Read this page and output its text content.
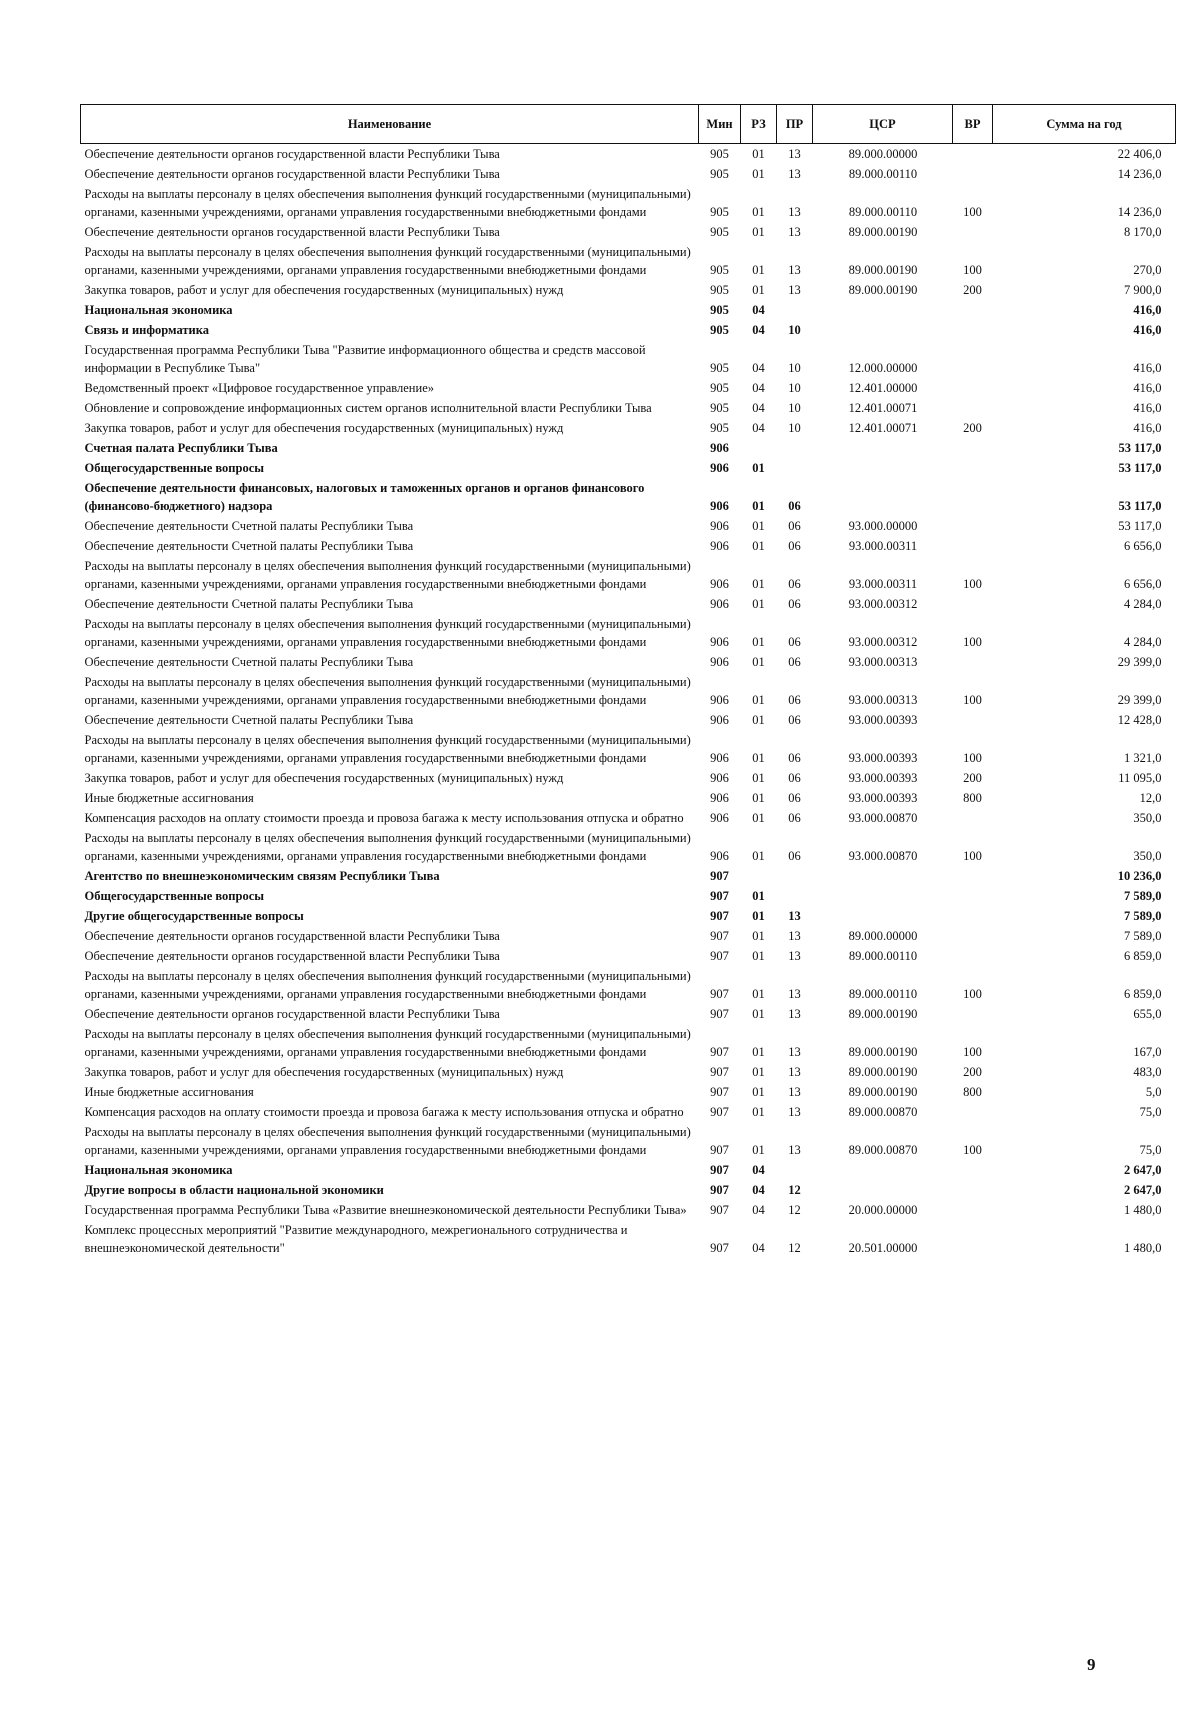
Наименование	Мин	РЗ	ПР	ЦСР	ВР	Сумма на год
Обеспечение деятельности органов государственной власти Республики Тыва	905	01	13	89.000.00000		22 406,0
Обеспечение деятельности органов государственной власти Республики Тыва	905	01	13	89.000.00110		14 236,0
Расходы на выплаты персоналу в целях обеспечения выполнения функций государственными (муниципальными) органами, казенными учреждениями, органами управления государственными внебюджетными фондами	905	01	13	89.000.00110	100	14 236,0
Обеспечение деятельности органов государственной власти Республики Тыва	905	01	13	89.000.00190		8 170,0
Расходы на выплаты персоналу в целях обеспечения выполнения функций государственными (муниципальными) органами, казенными учреждениями, органами управления государственными внебюджетными фондами	905	01	13	89.000.00190	100	270,0
Закупка товаров, работ и услуг для обеспечения государственных (муниципальных) нужд	905	01	13	89.000.00190	200	7 900,0
Национальная экономика	905	04				416,0
Связь и информатика	905	04	10			416,0
Государственная программа Республики Тыва "Развитие информационного общества и средств массовой информации в Республике Тыва"	905	04	10	12.000.00000		416,0
Ведомственный проект «Цифровое государственное управление»	905	04	10	12.401.00000		416,0
Обновление и сопровождение информационных систем органов исполнительной власти Республики Тыва	905	04	10	12.401.00071		416,0
Закупка товаров, работ и услуг для обеспечения государственных (муниципальных) нужд	905	04	10	12.401.00071	200	416,0
Счетная палата Республики Тыва	906					53 117,0
Общегосударственные вопросы	906	01				53 117,0
Обеспечение деятельности финансовых, налоговых и таможенных органов и органов финансового (финансово-бюджетного) надзора	906	01	06			53 117,0
Обеспечение деятельности Счетной палаты Республики Тыва	906	01	06	93.000.00000		53 117,0
Обеспечение деятельности Счетной палаты Республики Тыва	906	01	06	93.000.00311		6 656,0
Расходы на выплаты персоналу в целях обеспечения выполнения функций государственными (муниципальными) органами, казенными учреждениями, органами управления государственными внебюджетными фондами	906	01	06	93.000.00311	100	6 656,0
Обеспечение деятельности Счетной палаты Республики Тыва	906	01	06	93.000.00312		4 284,0
Расходы на выплаты персоналу в целях обеспечения выполнения функций государственными (муниципальными) органами, казенными учреждениями, органами управления государственными внебюджетными фондами	906	01	06	93.000.00312	100	4 284,0
Обеспечение деятельности Счетной палаты Республики Тыва	906	01	06	93.000.00313		29 399,0
Расходы на выплаты персоналу в целях обеспечения выполнения функций государственными (муниципальными) органами, казенными учреждениями, органами управления государственными внебюджетными фондами	906	01	06	93.000.00313	100	29 399,0
Обеспечение деятельности Счетной палаты Республики Тыва	906	01	06	93.000.00393		12 428,0
Расходы на выплаты персоналу в целях обеспечения выполнения функций государственными (муниципальными) органами, казенными учреждениями, органами управления государственными внебюджетными фондами	906	01	06	93.000.00393	100	1 321,0
Закупка товаров, работ и услуг для обеспечения государственных (муниципальных) нужд	906	01	06	93.000.00393	200	11 095,0
Иные бюджетные ассигнования	906	01	06	93.000.00393	800	12,0
Компенсация расходов на оплату стоимости проезда и провоза багажа к месту использования отпуска и обратно	906	01	06	93.000.00870		350,0
Расходы на выплаты персоналу в целях обеспечения выполнения функций государственными (муниципальными) органами, казенными учреждениями, органами управления государственными внебюджетными фондами	906	01	06	93.000.00870	100	350,0
Агентство по внешнеэкономическим связям Республики Тыва	907					10 236,0
Общегосударственные вопросы	907	01				7 589,0
Другие общегосударственные вопросы	907	01	13			7 589,0
Обеспечение деятельности органов государственной власти Республики Тыва	907	01	13	89.000.00000		7 589,0
Обеспечение деятельности органов государственной власти Республики Тыва	907	01	13	89.000.00110		6 859,0
Расходы на выплаты персоналу в целях обеспечения выполнения функций государственными (муниципальными) органами, казенными учреждениями, органами управления государственными внебюджетными фондами	907	01	13	89.000.00110	100	6 859,0
Обеспечение деятельности органов государственной власти Республики Тыва	907	01	13	89.000.00190		655,0
Расходы на выплаты персоналу в целях обеспечения выполнения функций государственными (муниципальными) органами, казенными учреждениями, органами управления государственными внебюджетными фондами	907	01	13	89.000.00190	100	167,0
Закупка товаров, работ и услуг для обеспечения государственных (муниципальных) нужд	907	01	13	89.000.00190	200	483,0
Иные бюджетные ассигнования	907	01	13	89.000.00190	800	5,0
Компенсация расходов на оплату стоимости проезда и провоза багажа к месту использования отпуска и обратно	907	01	13	89.000.00870		75,0
Расходы на выплаты персоналу в целях обеспечения выполнения функций государственными (муниципальными) органами, казенными учреждениями, органами управления государственными внебюджетными фондами	907	01	13	89.000.00870	100	75,0
Национальная экономика	907	04				2 647,0
Другие вопросы в области национальной экономики	907	04	12			2 647,0
Государственная программа Республики Тыва «Развитие внешнеэкономической деятельности Республики Тыва»	907	04	12	20.000.00000		1 480,0
Комплекс процессных мероприятий "Развитие международного, межрегионального сотрудничества и внешнеэкономической деятельности"	907	04	12	20.501.00000		1 480,0
9
